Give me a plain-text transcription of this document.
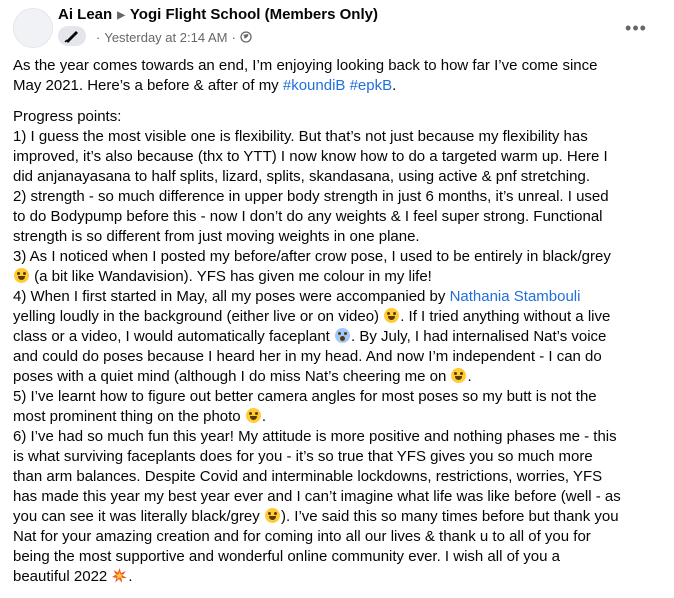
Ai Lean ▶ Yogi Flight School (Members Only)
· Yesterday at 2:14 AM ·	•••

As the year comes towards an end, I’m enjoying looking back to how far I’ve come since
May 2021. Here’s a before & after of my #koundiB #epkB.

Progress points:
1) I guess the most visible one is flexibility. But that’s not just because my flexibility has
improved, it’s also because (thx to YTT) I now know how to do a targeted warm up. Here I
did anjanayasana to half splits, lizard, splits, skandasana, using active & pnf stretching.
2) strength - so much difference in upper body strength in just 6 months, it’s unreal. I used
to do Bodypump before this - now I don’t do any weights & I feel super strong. Functional
strength is so different from just moving weights in one plane.
3) As I noticed when I posted my before/after crow pose, I used to be entirely in black/grey
(a bit like Wandavision). YFS has given me colour in my life!
4) When I first started in May, all my poses were accompanied by Nathania Stambouli
yelling loudly in the background (either live or on video)
. If I tried anything without a live
class or a video, I would automatically faceplant
. By July, I had internalised Nat’s voice
and could do poses because I heard her in my head. And now I’m independent - I can do
poses with a quiet mind (although I do miss Nat’s cheering me on
.
5) I’ve learnt how to figure out better camera angles for most poses so my butt is not the
most prominent thing on the photo
.
6) I’ve had so much fun this year! My attitude is more positive and nothing phases me - this
is what surviving faceplants does for you - it’s so true that YFS gives you so much more
than arm balances. Despite Covid and interminable lockdowns, restrictions, worries, YFS
has made this year my best year ever and I can’t imagine what life was like before (well - as
you can see it was literally black/grey
). I’ve said this so many times before but thank you
Nat for your amazing creation and for coming into all our lives & thank u to all of you for
being the most supportive and wonderful online community ever. I wish all of you a
beautiful 2022
.
